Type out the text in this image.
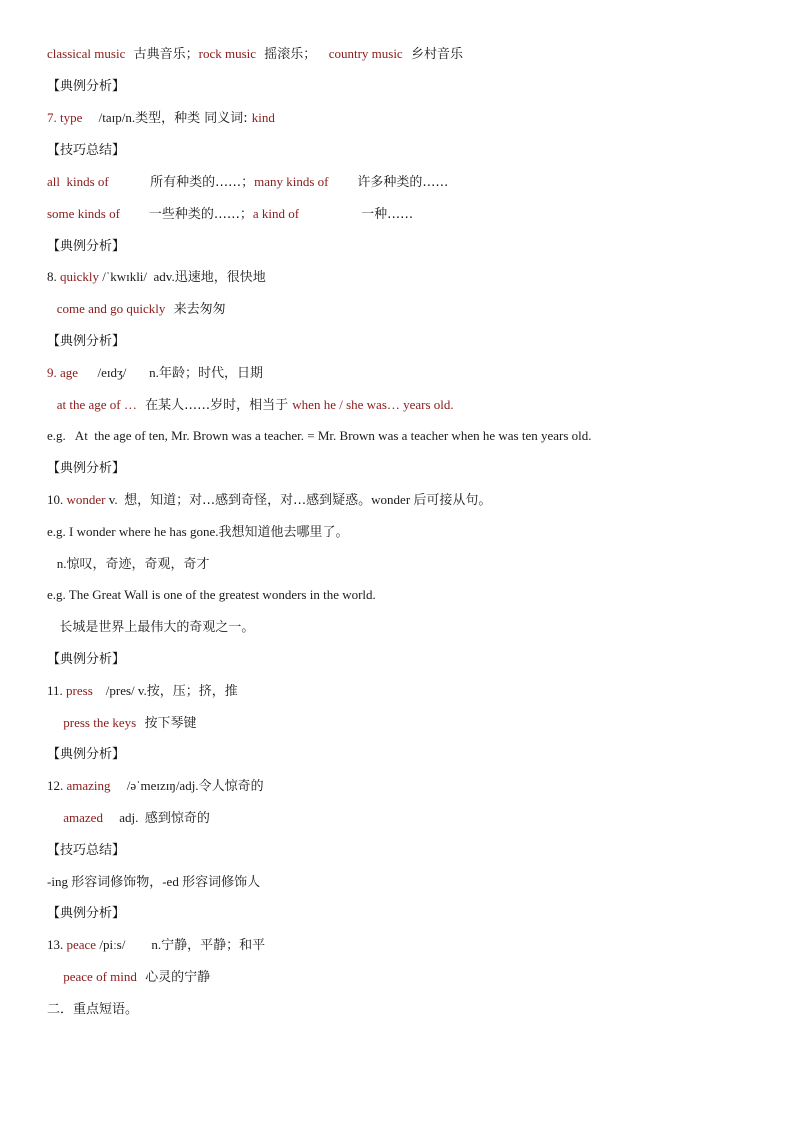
classical music  古典音乐；rock music  摇滚乐；   country music  乡村音乐
【典例分析】
7. type     /taɪp/n.类型，种类 同义词: kind
【技巧总结】
all  kinds of          所有种类的……；many kinds of       许多种类的……
some kinds of       一些种类的……；a kind of               一种……
【典例分析】
8. quickly /ˈkwɪkli/  adv.迅速地，很快地
come and go quickly  来去匆匆
【典例分析】
9. age      /eɪdʒ/       n.年龄；时代，日期
at the age of …  在某人……岁时，相当于 when he / she was… years old.
e.g.   At  the age of ten, Mr. Brown was a teacher. = Mr. Brown was a teacher when he was ten years old.
【典例分析】
10. wonder v.  想，知道；对…感到奇怪，对…感到疑惑。wonder 后可接从句。
e.g. I wonder where he has gone.我想知道他去哪里了。
n.惊叹，奇迹，奇观，奇才
e.g. The Great Wall is one of the greatest wonders in the world.
长城是世界上最伟大的奇观之一。
【典例分析】
11. press    /pres/ v.按，压；挤，推
press the keys  按下琴键
【典例分析】
12. amazing     /əˈmeɪzɪŋ/adj.令人惊奇的
amazed     adj.  感到惊奇的
【技巧总结】
-ing 形容词修饰物，-ed 形容词修饰人
【典例分析】
13. peace /piːs/        n.宁静，平静；和平
peace of mind  心灵的宁静
二．重点短语。
